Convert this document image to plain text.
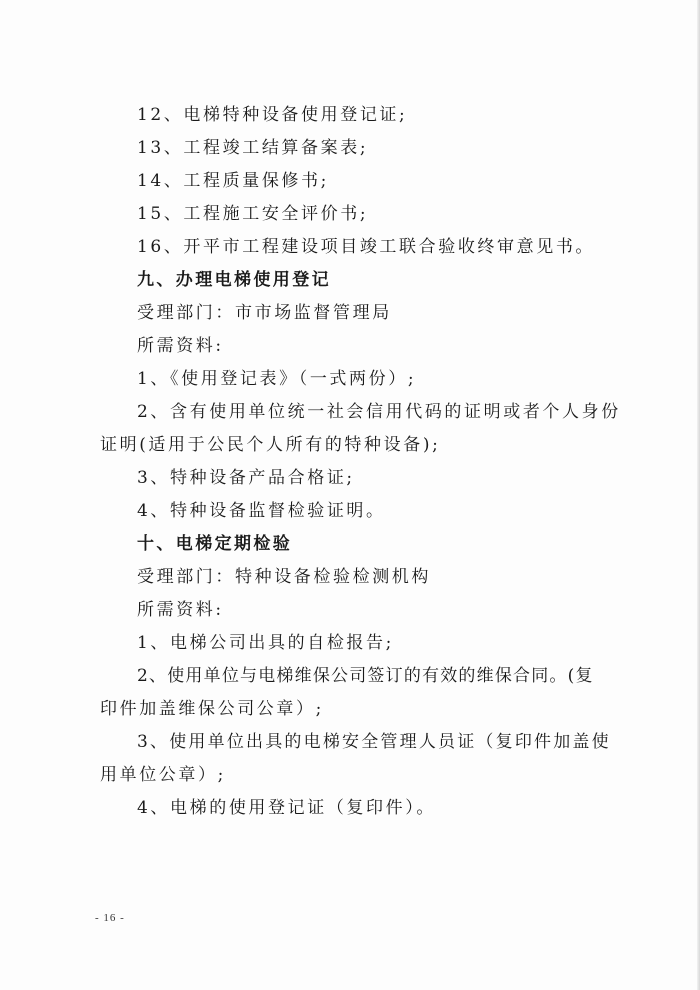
12、电梯特种设备使用登记证;
13、工程竣工结算备案表;
14、工程质量保修书;
15、工程施工安全评价书;
16、开平市工程建设项目竣工联合验收终审意见书。
九、办理电梯使用登记
受理部门：市市场监督管理局
所需资料:
1、《使用登记表》（一式两份）;
2、含有使用单位统一社会信用代码的证明或者个人身份
证明(适用于公民个人所有的特种设备);
3、特种设备产品合格证;
4、特种设备监督检验证明。
十、电梯定期检验
受理部门：特种设备检验检测机构
所需资料:
1、电梯公司出具的自检报告;
2、使用单位与电梯维保公司签订的有效的维保合同。(复
印件加盖维保公司公章）;
3、使用单位出具的电梯安全管理人员证（复印件加盖使
用单位公章）;
4、电梯的使用登记证（复印件）。
- 16 -
